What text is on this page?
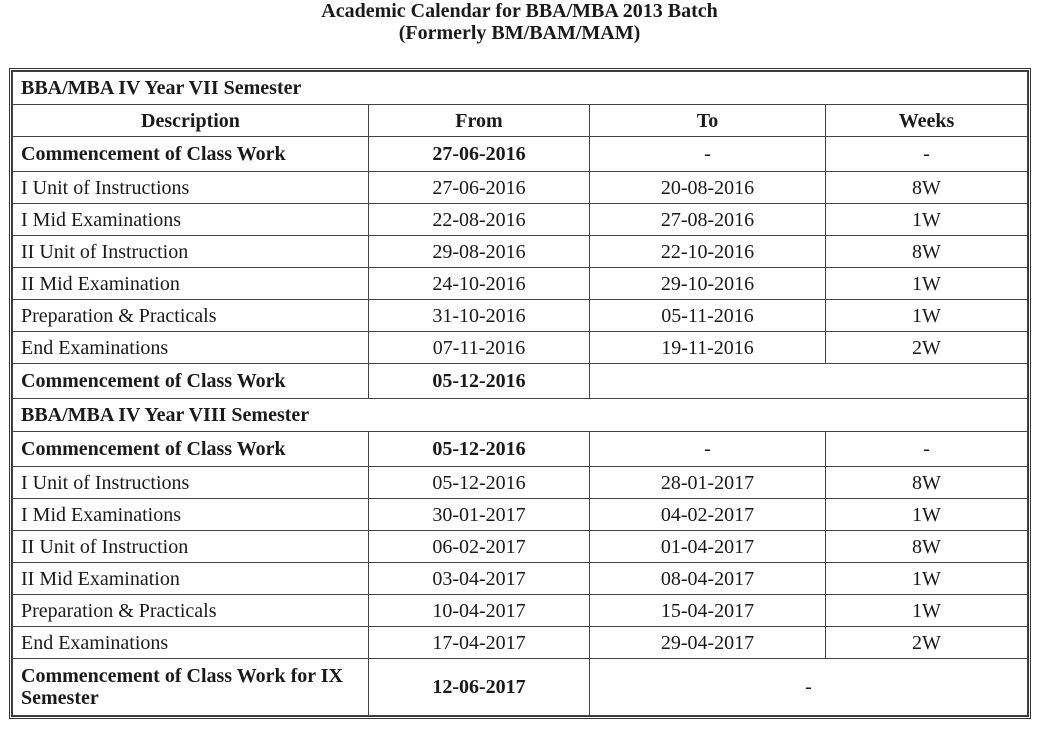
Academic Calendar for BBA/MBA 2013 Batch
(Formerly BM/BAM/MAM)
BBA/MBA IV Year VII Semester			
Description	From	To	Weeks
Commencement of Class Work	27-06-2016	-	-
I Unit of Instructions	27-06-2016	20-08-2016	8W
I Mid Examinations	22-08-2016	27-08-2016	1W
II Unit of Instruction	29-08-2016	22-10-2016	8W
II Mid Examination	24-10-2016	29-10-2016	1W
Preparation & Practicals	31-10-2016	05-11-2016	1W
End Examinations	07-11-2016	19-11-2016	2W
Commencement of Class Work	05-12-2016		
BBA/MBA IV Year VIII Semester			
Commencement of Class Work	05-12-2016	-	-
I Unit of Instructions	05-12-2016	28-01-2017	8W
I Mid Examinations	30-01-2017	04-02-2017	1W
II Unit of Instruction	06-02-2017	01-04-2017	8W
II Mid Examination	03-04-2017	08-04-2017	1W
Preparation & Practicals	10-04-2017	15-04-2017	1W
End Examinations	17-04-2017	29-04-2017	2W
Commencement of Class Work for IX Semester	12-06-2017	-	
